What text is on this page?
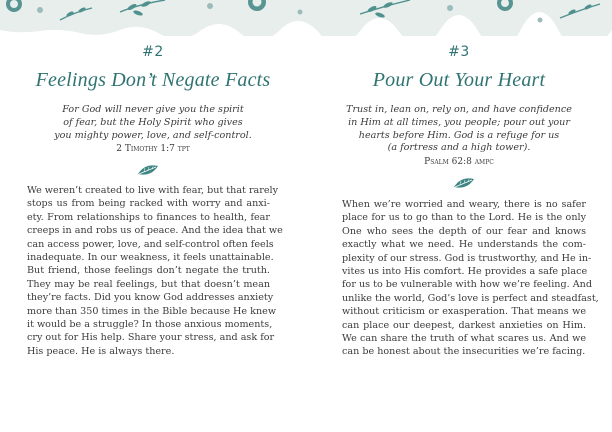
#2
Feelings Don’t Negate Facts
For God will never give you the spirit
of fear, but the Holy Spirit who gives
you mighty power, love, and self-control.
2 Timothy 1:7 tpt
We weren’t created to live with fear, but that rarely
stops us from being racked with worry and anxi-
ety. From relationships to finances to health, fear
creeps in and robs us of peace. And the idea that we
can access power, love, and self-control often feels
inadequate. In our weakness, it feels unattainable.
But friend, those feelings don’t negate the truth.
They may be real feelings, but that doesn’t mean
they’re facts. Did you know God addresses anxiety
more than 350 times in the Bible because He knew
it would be a struggle? In those anxious moments,
cry out for His help. Share your stress, and ask for
His peace. He is always there.
#3
Pour Out Your Heart
Trust in, lean on, rely on, and have confidence
in Him at all times, you people; pour out your
hearts before Him. God is a refuge for us
(a fortress and a high tower).
Psalm 62:8 ampc
When we’re worried and weary, there is no safer
place for us to go than to the Lord. He is the only
One who sees the depth of our fear and knows
exactly what we need. He understands the com-
plexity of our stress. God is trustworthy, and He in-
vites us into His comfort. He provides a safe place
for us to be vulnerable with how we’re feeling. And
unlike the world, God’s love is perfect and steadfast,
without criticism or exasperation. That means we
can place our deepest, darkest anxieties on Him.
We can share the truth of what scares us. And we
can be honest about the insecurities we’re facing.
